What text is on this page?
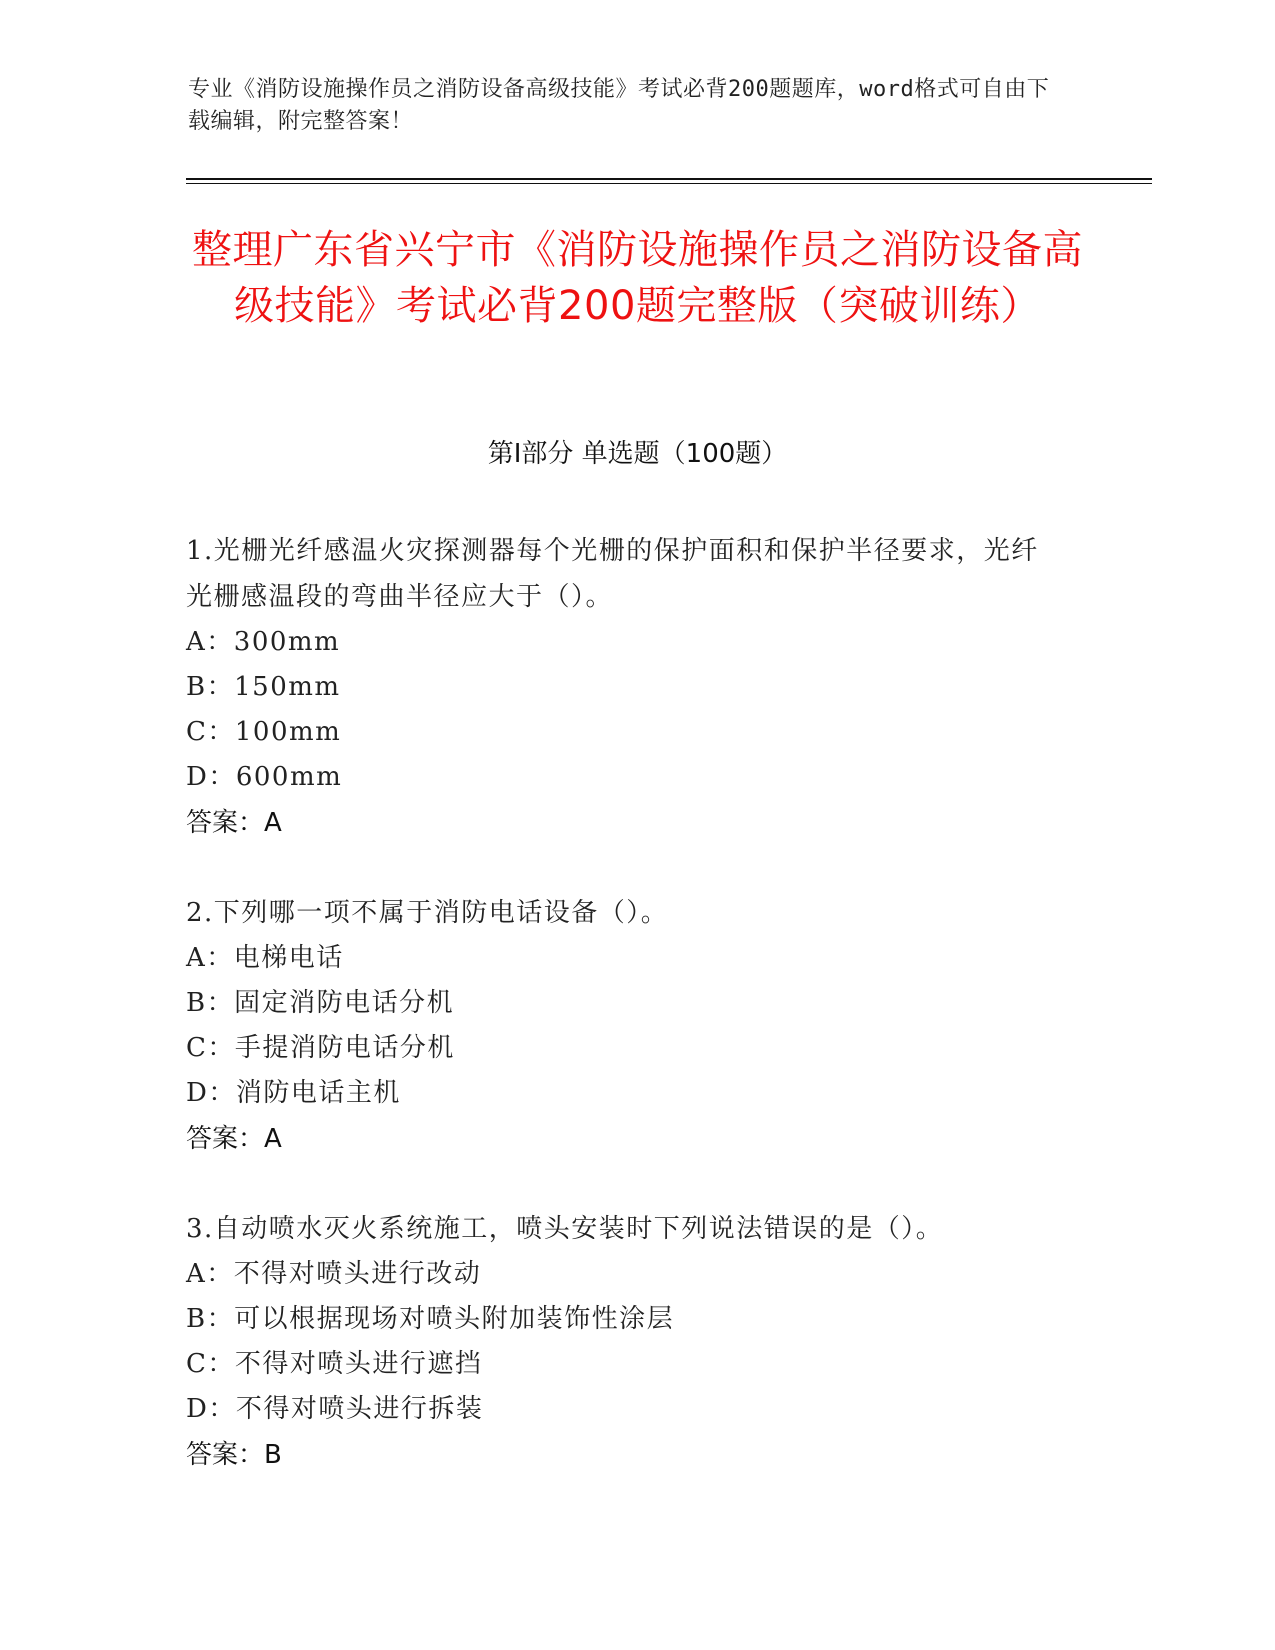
专业《消防设施操作员之消防设备高级技能》考试必背200题题库，word格式可自由下载编辑，附完整答案！
整理广东省兴宁市《消防设施操作员之消防设备高级技能》考试必背200题完整版（突破训练）
第I部分 单选题（100题）

1.光栅光纤感温火灾探测器每个光栅的保护面积和保护半径要求，光纤光栅感温段的弯曲半径应大于（）。

A：300mm

B：150mm

C：100mm

D：600mm

答案：A

2.下列哪一项不属于消防电话设备（）。

A：电梯电话

B：固定消防电话分机

C：手提消防电话分机

D：消防电话主机

答案：A

3.自动喷水灭火系统施工，喷头安装时下列说法错误的是（）。

A：不得对喷头进行改动

B：可以根据现场对喷头附加装饰性涂层

C：不得对喷头进行遮挡

D：不得对喷头进行拆装

答案：B
